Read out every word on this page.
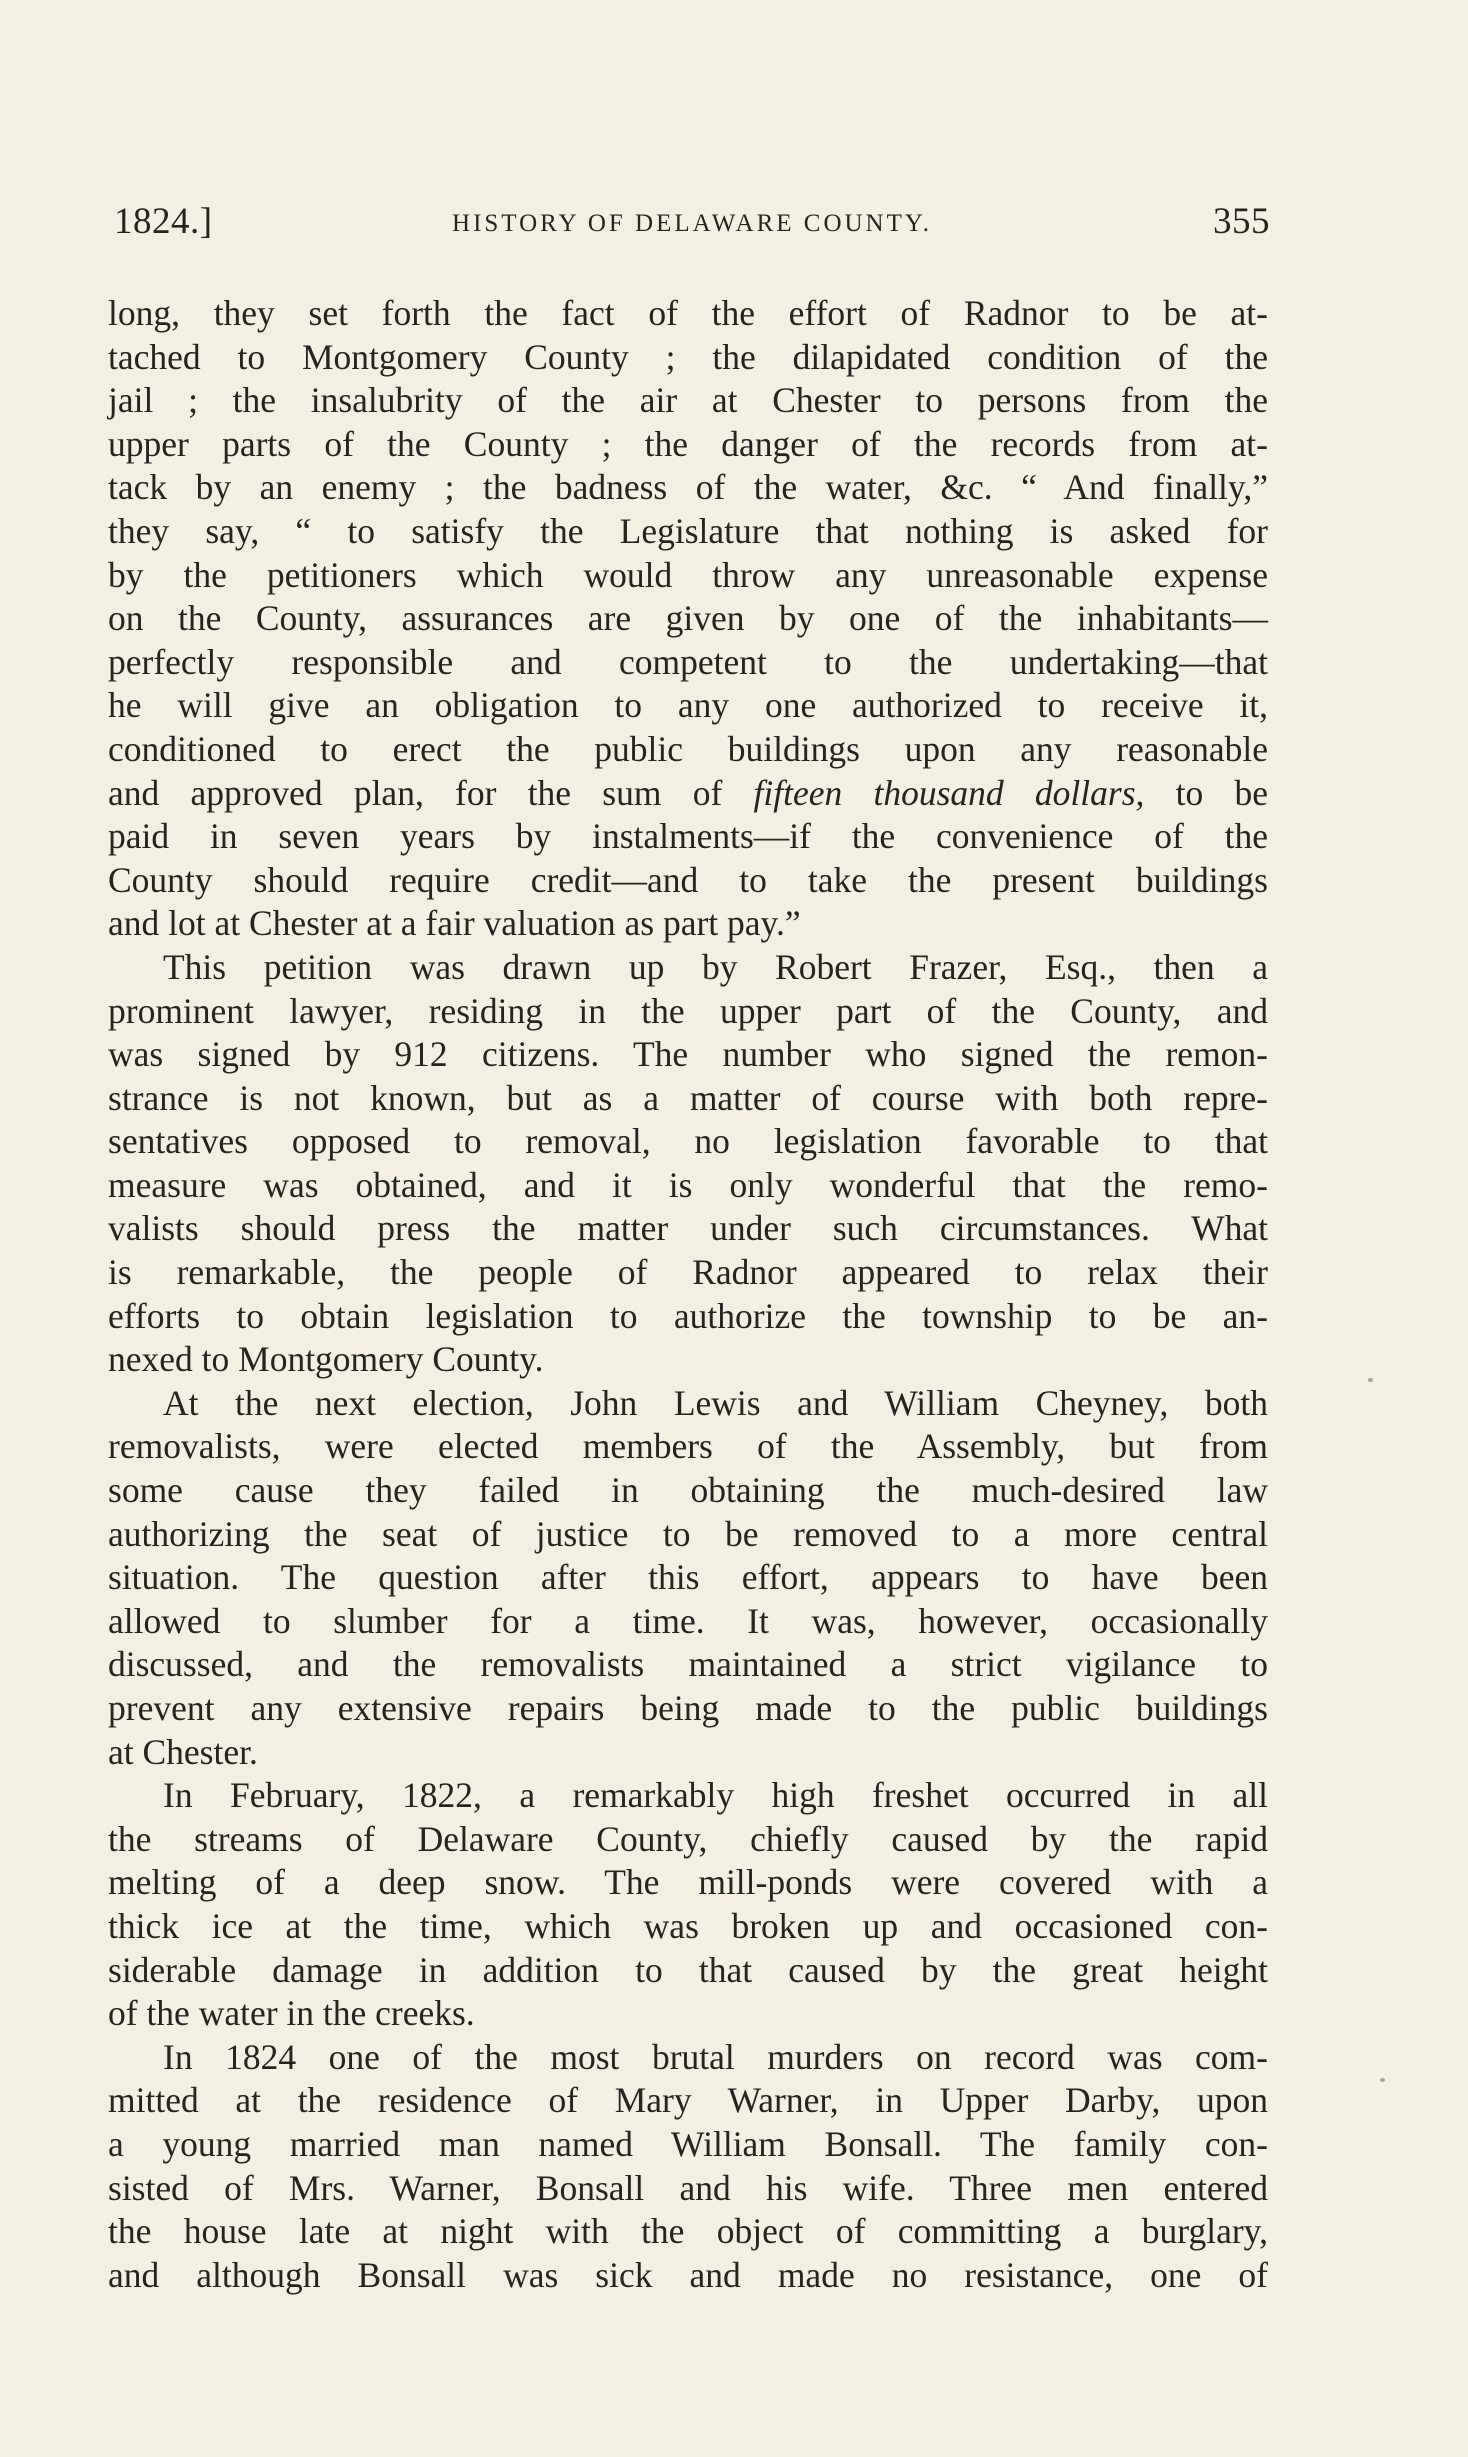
1824.]	HISTORY OF DELAWARE COUNTY.	355
long, they set forth the fact of the effort of Radnor to be at-
tached to Montgomery County ; the dilapidated condition of the
jail ; the insalubrity of the air at Chester to persons from the
upper parts of the County ; the danger of the records from at-
tack by an enemy ; the badness of the water, &c. “ And finally,”
they say, “ to satisfy the Legislature that nothing is asked for
by the petitioners which would throw any unreasonable expense
on the County, assurances are given by one of the inhabitants—
perfectly responsible and competent to the undertaking—that
he will give an obligation to any one authorized to receive it,
conditioned to erect the public buildings upon any reasonable
and approved plan, for the sum of fifteen thousand dollars, to be
paid in seven years by instalments—if the convenience of the
County should require credit—and to take the present buildings
and lot at Chester at a fair valuation as part pay.”
This petition was drawn up by Robert Frazer, Esq., then a
prominent lawyer, residing in the upper part of the County, and
was signed by 912 citizens. The number who signed the remon-
strance is not known, but as a matter of course with both repre-
sentatives opposed to removal, no legislation favorable to that
measure was obtained, and it is only wonderful that the remo-
valists should press the matter under such circumstances. What
is remarkable, the people of Radnor appeared to relax their
efforts to obtain legislation to authorize the township to be an-
nexed to Montgomery County.
At the next election, John Lewis and William Cheyney, both
removalists, were elected members of the Assembly, but from
some cause they failed in obtaining the much-desired law
authorizing the seat of justice to be removed to a more central
situation. The question after this effort, appears to have been
allowed to slumber for a time. It was, however, occasionally
discussed, and the removalists maintained a strict vigilance to
prevent any extensive repairs being made to the public buildings
at Chester.
In February, 1822, a remarkably high freshet occurred in all
the streams of Delaware County, chiefly caused by the rapid
melting of a deep snow. The mill-ponds were covered with a
thick ice at the time, which was broken up and occasioned con-
siderable damage in addition to that caused by the great height
of the water in the creeks.
In 1824 one of the most brutal murders on record was com-
mitted at the residence of Mary Warner, in Upper Darby, upon
a young married man named William Bonsall. The family con-
sisted of Mrs. Warner, Bonsall and his wife. Three men entered
the house late at night with the object of committing a burglary,
and although Bonsall was sick and made no resistance, one of
